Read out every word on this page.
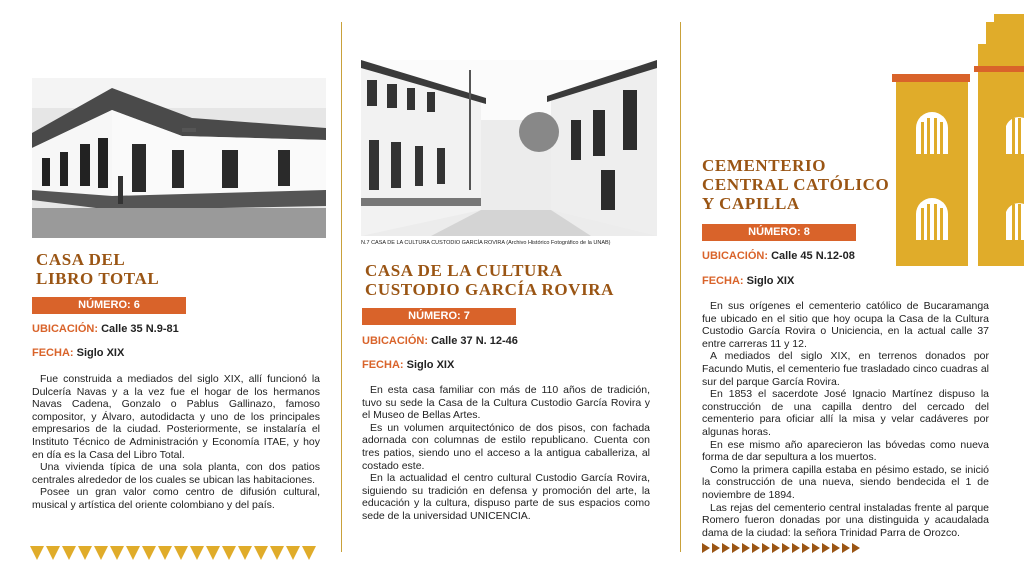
CASA DEL
LIBRO TOTAL
NÚMERO: 6
UBICACIÓN: Calle 35 N.9-81
FECHA: Siglo XIX

Fue construida a mediados del siglo XIX, allí funcionó la Dulcería Navas y a la vez fue el hogar de los hermanos Navas Cadena, Gonzalo o Pablus Gallinazo, famoso compositor, y Álvaro, autodidacta y uno de los principales empresarios de la ciudad. Posteriormente, se instalaría el Instituto Técnico de Administración y Economía ITAE, y hoy en día es la Casa del Libro Total.

Una vivienda típica de una sola planta, con dos patios centrales alrededor de los cuales se ubican las habitaciones.

Posee un gran valor como centro de difusión cultural, musical y artística del oriente colombiano y del país.

N.7 CASA DE LA CULTURA CUSTODIO GARCÍA ROVIRA (Archivo Histórico Fotográfico de la UNAB)
CASA DE LA CULTURA
CUSTODIO GARCÍA ROVIRA
NÚMERO: 7
UBICACIÓN: Calle 37 N. 12-46
FECHA: Siglo XIX

En esta casa familiar con más de 110 años de tradición, tuvo su sede la Casa de la Cultura Custodio García Rovira y el Museo de Bellas Artes.

Es un volumen arquitectónico de dos pisos, con fachada adornada con columnas de estilo republicano. Cuenta con tres patios, siendo uno el acceso a la antigua caballeriza, al costado este.

En la actualidad el centro cultural Custodio García Rovira, siguiendo su tradición en defensa y promoción del arte, la educación y la cultura, dispuso parte de sus espacios como sede de la universidad UNICENCIA.

CEMENTERIO
CENTRAL CATÓLICO
Y CAPILLA
NÚMERO: 8
UBICACIÓN: Calle 45 N.12-08
FECHA: Siglo XIX

En sus orígenes el cementerio católico de Bucaramanga fue ubicado en el sitio que hoy ocupa la Casa de la Cultura Custodio García Rovira o Uniciencia, en la actual calle 37 entre carreras 11 y 12.

A mediados del siglo XIX, en terrenos donados por Facundo Mutis, el cementerio fue trasladado cinco cuadras al sur del parque García Rovira.

En 1853 el sacerdote José Ignacio Martínez dispuso la construcción de una capilla dentro del cercado del cementerio para oficiar allí la misa y velar cadáveres por algunas horas.

En ese mismo año aparecieron las bóvedas como nueva forma de dar sepultura a los muertos.

Como la primera capilla estaba en pésimo estado, se inició la construcción de una nueva, siendo bendecida el 1 de noviembre de 1894.

Las rejas del cementerio central instaladas frente al parque Romero fueron donadas por una distinguida y acaudalada dama de la ciudad: la señora Trinidad Parra de Orozco.
